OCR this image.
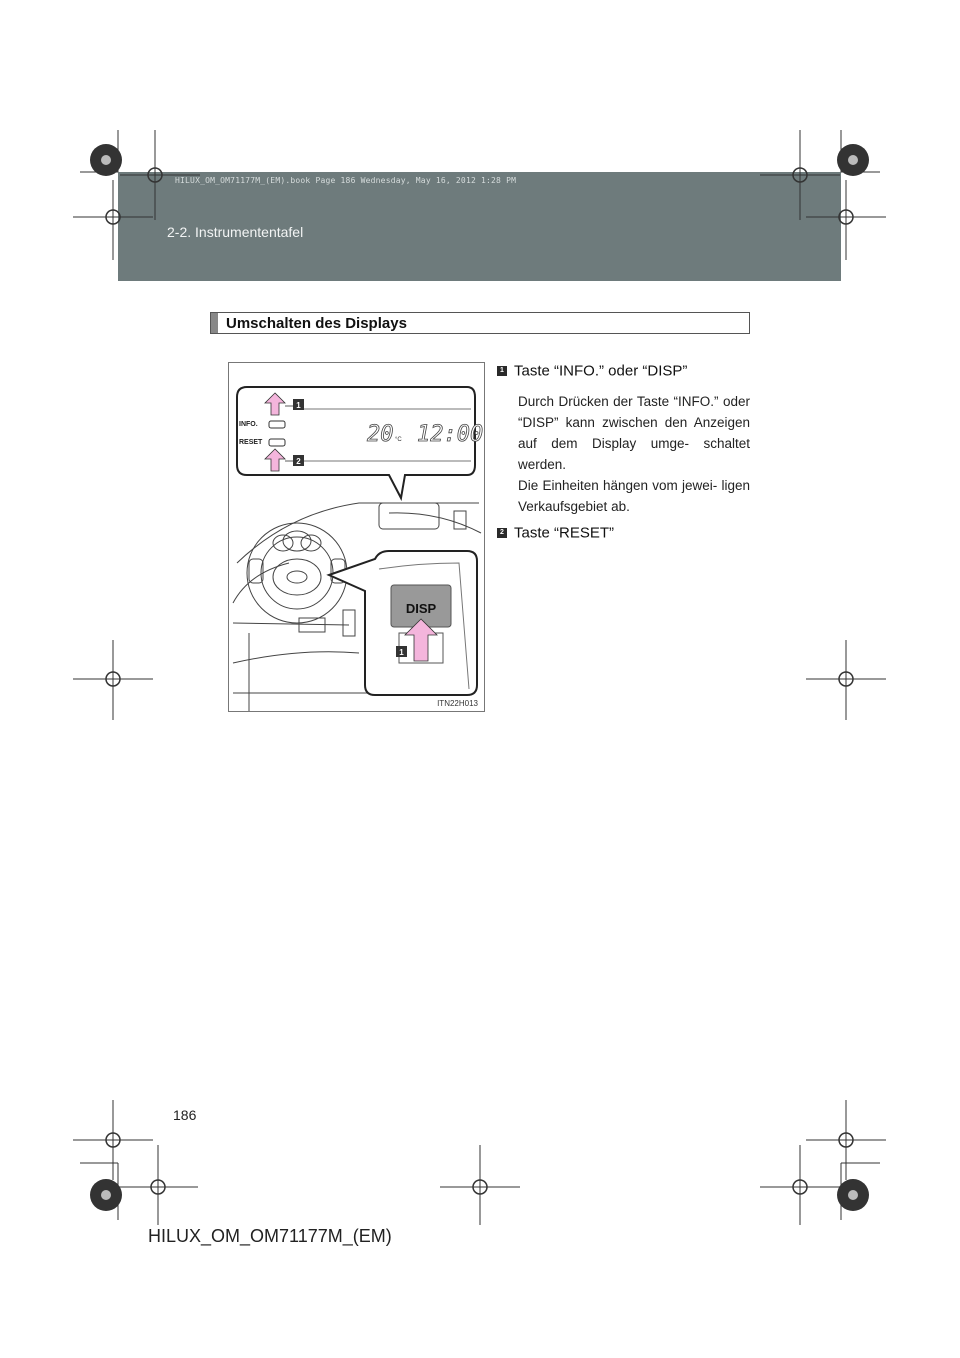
HILUX_OM_OM71177M_(EM).book Page 186 Wednesday, May 16, 2012 1:28 PM
2-2. Instrumententafel
Umschalten des Displays
INFO.
RESET	20 °C 12:00
1
2
DISP
1
ITN22H013
1 Taste “INFO.” oder “DISP”
Durch Drücken der Taste “INFO.” oder “DISP” kann zwischen den Anzeigen auf dem Display umge- schaltet werden.
Die Einheiten hängen vom jewei- ligen Verkaufsgebiet ab.
2 Taste “RESET”
186
HILUX_OM_OM71177M_(EM)
